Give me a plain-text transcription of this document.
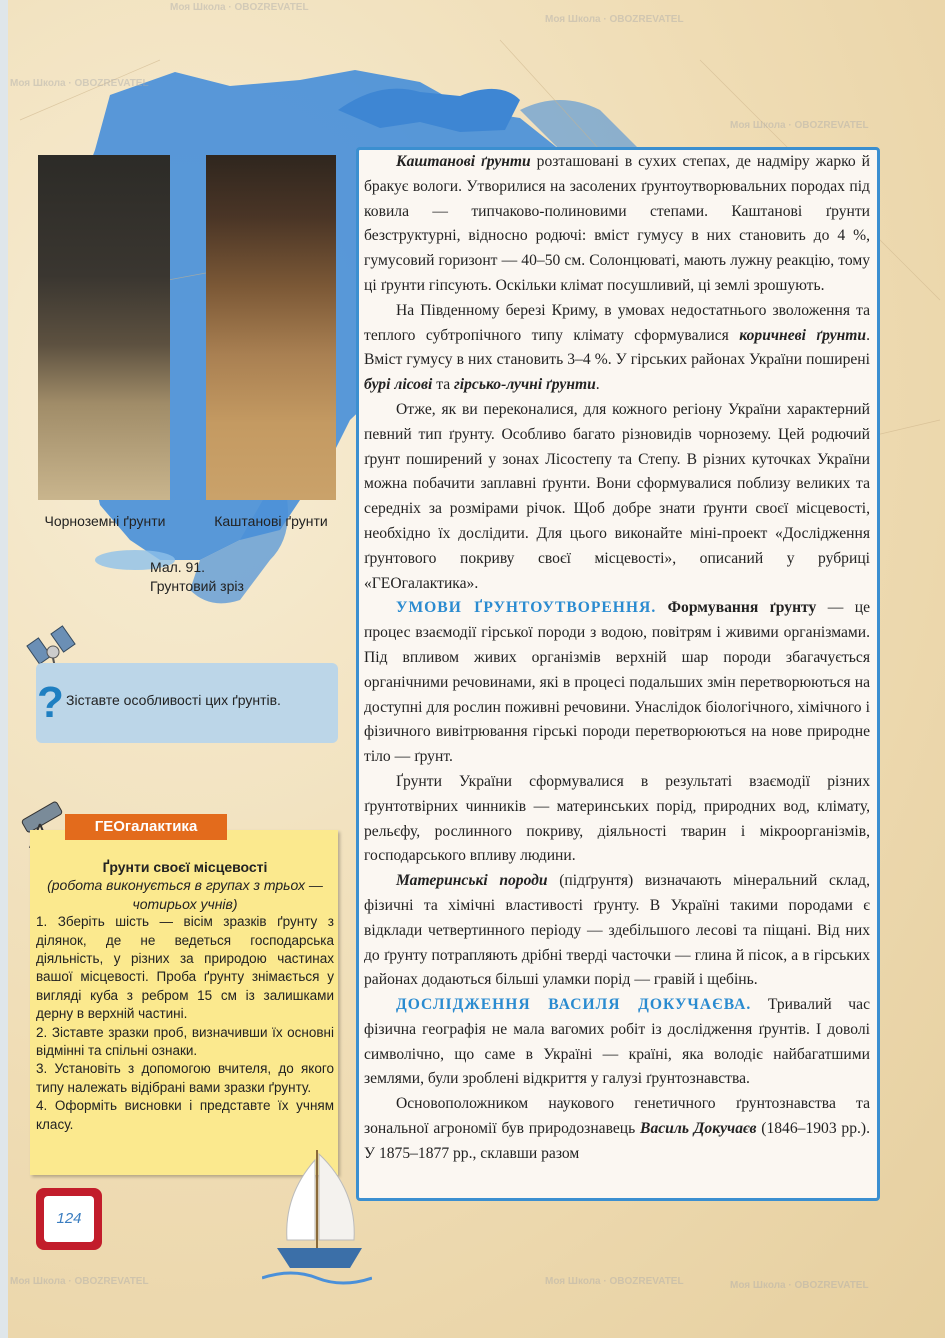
Чорноземні ґрунти	Каштанові ґрунти
Мал. 91.
Грунтовий зріз
? Зіставте особливості цих ґрунтів.
ГЕОгалактика
Ґрунти своєї місцевості
(робота виконується в групах з трьох — чотирьох учнів)
1. Зберіть шість — вісім зразків ґрунту з ділянок, де не ведеться господарська діяльність, у різних за природою частинах вашої місцевості. Проба ґрунту знімається у вигляді куба з ребром 15 см із залишками дерну в верхній частині.
2. Зіставте зразки проб, визначивши їх основні відмінні та спільні ознаки.
3. Установіть з допомогою вчителя, до якого типу належать відібрані вами зразки ґрунту.
4. Оформіть висновки і представте їх учням класу.

Каштанові ґрунти розташовані в сухих степах, де надміру жарко й бракує вологи. Утворилися на засолених ґрунтоутворювальних породах під ковила — типчаково-полиновими степами. Каштанові ґрунти безструктурні, відносно родючі: вміст гумусу в них становить до 4 %, гумусовий горизонт — 40–50 см. Солонцюваті, мають лужну реакцію, тому ці ґрунти гіпсують. Оскільки клімат посушливий, ці землі зрошують.

На Південному березі Криму, в умовах недостатнього зволоження та теплого субтропічного типу клімату сформувалися коричневі ґрунти. Вміст гумусу в них становить 3–4 %. У гірських районах України поширені бурі лісові та гірсько-лучні ґрунти.

Отже, як ви переконалися, для кожного регіону України характерний певний тип ґрунту. Особливо багато різновидів чорнозему. Цей родючий ґрунт поширений у зонах Лісостепу та Степу. В різних куточках України можна побачити заплавні ґрунти. Вони сформувалися поблизу великих та середніх за розмірами річок. Щоб добре знати ґрунти своєї місцевості, необхідно їх дослідити. Для цього виконайте міні-проект «Дослідження ґрунтового покриву своєї місцевості», описаний у рубриці «ГЕОгалактика».

УМОВИ ҐРУНТОУТВОРЕННЯ. Формування ґрунту — це процес взаємодії гірської породи з водою, повітрям і живими організмами. Під впливом живих організмів верхній шар породи збагачується органічними речовинами, які в процесі подальших змін перетворюються на доступні для рослин поживні речовини. Унаслідок біологічного, хімічного і фізичного вивітрювання гірські породи перетворюються на нове природне тіло — ґрунт.

Ґрунти України сформувалися в результаті взаємодії різних ґрунтотвірних чинників — материнських порід, природних вод, клімату, рельєфу, рослинного покриву, діяльності тварин і мікроорганізмів, господарського впливу людини.

Материнські породи (підґрунтя) визначають мінеральний склад, фізичні та хімічні властивості ґрунту. В Україні такими породами є відклади четвертинного періоду — здебільшого лесові та піщані. Від них до ґрунту потрапляють дрібні тверді часточки — глина й пісок, а в гірських районах додаються більші уламки порід — гравій і щебінь.

ДОСЛІДЖЕННЯ ВАСИЛЯ ДОКУЧАЄВА. Тривалий час фізична географія не мала вагомих робіт із дослідження ґрунтів. І доволі символічно, що саме в Україні — країні, яка володіє найбагатшими землями, були зроблені відкриття у галузі ґрунтознавства.

Основоположником наукового генетичного ґрунтознавства та зональної агрономії був природознавець Василь Докучаєв (1846–1903 рр.). У 1875–1877 рр., склавши разом

124
Моя Школа · OBOZREVATEL
Моя Школа · OBOZREVATEL
Моя Школа · OBOZREVATEL
Моя Школа · OBOZREVATEL
Моя Школа · OBOZREVATEL
Моя Школа · OBOZREVATEL	Моя Школа · OBOZREVATEL
